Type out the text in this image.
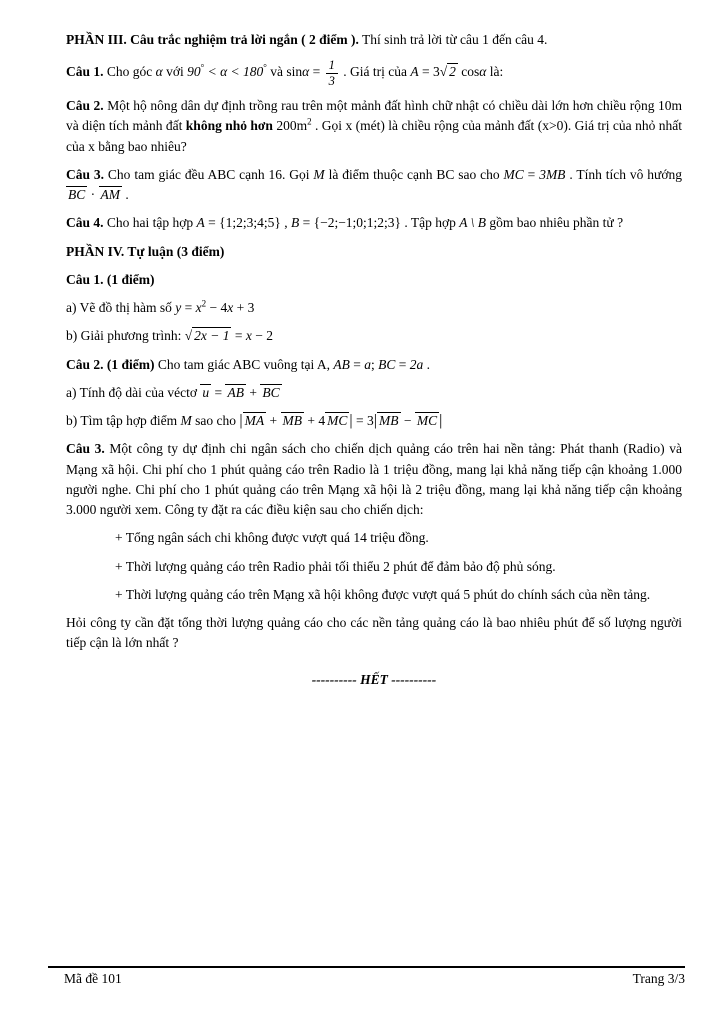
PHẦN III. Câu trắc nghiệm trả lời ngắn ( 2 điểm ). Thí sinh trả lời từ câu 1 đến câu 4.

Câu 1. Cho góc α với 90° < α < 180° và $\sin\alpha = \frac{1}{3}$ . Giá trị của A = 3√ 2 cosα là:

Câu 2. Một hộ nông dân dự định trồng rau trên một mảnh đất hình chữ nhật có chiều dài lớn hơn chiều rộng 10m và diện tích mảnh đất không nhỏ hơn $200m^2$ . Gọi x (mét) là chiều rộng của mảnh đất (x>0). Giá trị của nhỏ nhất của x bằng bao nhiêu?

Câu 3. Cho tam giác đều ABC cạnh 16. Gọi M là điểm thuộc cạnh BC sao cho MC = 3MB . Tính tích vô hướng BC · AM .

Câu 4. Cho hai tập hợp A = {1;2;3;4;5} , B = {−2;−1;0;1;2;3} . Tập hợp A \ B gồm bao nhiêu phần tử ?

PHẦN IV. Tự luận (3 điểm)

Câu 1. (1 điểm)

a) Vẽ đồ thị hàm số $y = x^2 - 4x + 3$

b) Giải phương trình: √ 2x − 1 = x − 2

Câu 2. (1 điểm) Cho tam giác ABC vuông tại A, AB = a; BC = 2a .

a) Tính độ dài của véctơ u = AB + BC

b) Tìm tập hợp điểm M sao cho | MA + MB + 4 MC | = 3| MB − MC |

Câu 3. Một công ty dự định chi ngân sách cho chiến dịch quảng cáo trên hai nền tảng: Phát thanh (Radio) và Mạng xã hội. Chi phí cho 1 phút quảng cáo trên Radio là 1 triệu đồng, mang lại khả năng tiếp cận khoảng 1.000 người nghe. Chi phí cho 1 phút quảng cáo trên Mạng xã hội là 2 triệu đồng, mang lại khả năng tiếp cận khoảng 3.000 người xem. Công ty đặt ra các điều kiện sau cho chiến dịch:

+ Tổng ngân sách chi không được vượt quá 14 triệu đồng.

+ Thời lượng quảng cáo trên Radio phải tối thiểu 2 phút để đảm bảo độ phủ sóng.

+ Thời lượng quảng cáo trên Mạng xã hội không được vượt quá 5 phút do chính sách của nền tảng.

Hỏi công ty cần đặt tổng thời lượng quảng cáo cho các nền tảng quảng cáo là bao nhiêu phút để số lượng người tiếp cận là lớn nhất ?

---------- HẾT ----------

Mã đề 101	Trang 3/3
